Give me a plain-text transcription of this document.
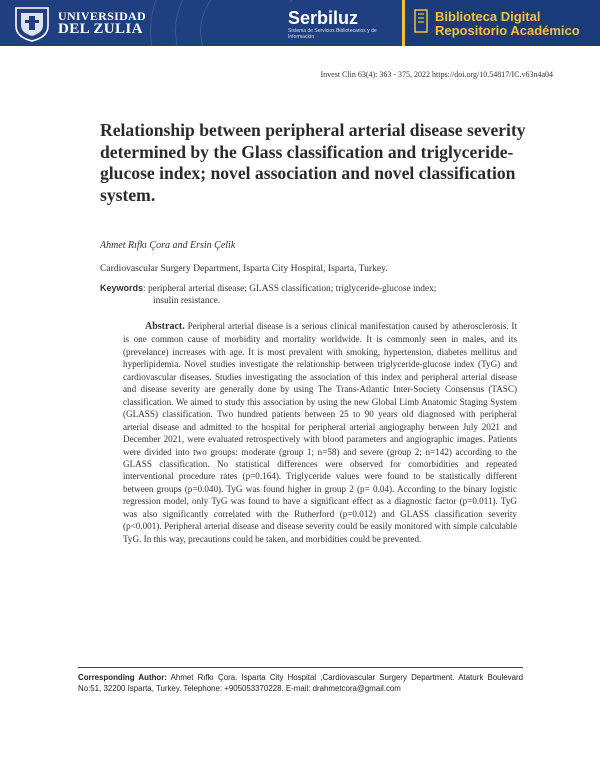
UNIVERSIDAD
DEL ZULIA
Serbiluz
Sistema de Servicios Bibliotecarios y de Información
Biblioteca Digital
Repositorio Académico
Invest Clin 63(4): 363 - 375, 2022 https://doi.org/10.54817/IC.v63n4a04
Relationship between peripheral arterial disease severity determined by the Glass classification and triglyceride-glucose index; novel association and novel classification system.
Ahmet Rıfkı Çora and Ersin Çelik
Cardiovascular Surgery Department, Isparta City Hospital, Isparta, Turkey.
Keywords: peripheral arterial disease; GLASS classification; triglyceride-glucose index;
insulin resistance.
Abstract. Peripheral arterial disease is a serious clinical manifestation caused by atherosclerosis. It is one common cause of morbidity and mortality worldwide. It is commonly seen in males, and its (prevelance) increases with age. It is most prevalent with smoking, hypertension, diabetes mellitus and hyperlipidemia. Novel studies investigate the relationship between triglyceride-glucose index (TyG) and cardiovascular diseases. Studies investigating the association of this index and peripheral arterial disease and disease severity are generally done by using The Trans-Atlantic Inter-Society Consensus (TASC) classification. We aimed to study this association by using the new Global Limb Anatomic Staging System (GLASS) classification. Two hundred patients between 25 to 90 years old diagnosed with peripheral arterial disease and admitted to the hospital for peripheral arterial angiography between July 2021 and December 2021, were evaluated retrospectively with blood parameters and angiographic images. Patients were divided into two groups: moderate (group 1; n=58) and severe (group 2; n=142) according to the GLASS classification. No statistical differences were observed for comorbidities and repeated interventional procedure rates (p=0.164). Triglyceride values were found to be statistically different between groups (p=0.040). TyG was found higher in group 2 (p= 0.04). According to the binary logistic regression model, only TyG was found to have a significant effect as a diagnostic factor (p=0.011). TyG was also significantly correlated with the Rutherford (p=0.012) and GLASS classification severity (p<0.001). Peripheral arterial disease and disease severity could be easily monitored with simple calculable TyG. In this way, precautions could be taken, and morbidities could be prevented.
Corresponding Author: Ahmet Rıfkı Çora. Isparta City Hospital ,Cardiovascular Surgery Department. Ataturk Boulevard No:51, 32200 Isparta, Turkey. Telephone: +905053370228. E-mail: drahmetcora@gmail.com
